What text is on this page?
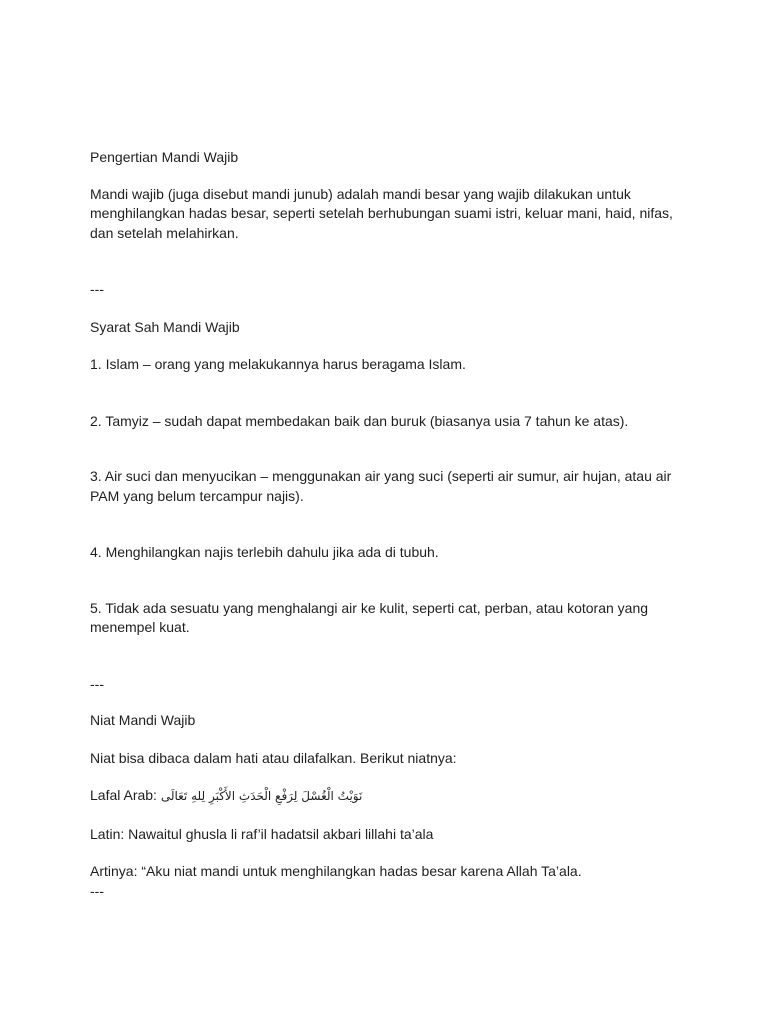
Pengertian Mandi Wajib

Mandi wajib (juga disebut mandi junub) adalah mandi besar yang wajib dilakukan untuk menghilangkan hadas besar, seperti setelah berhubungan suami istri, keluar mani, haid, nifas, dan setelah melahirkan.

---

Syarat Sah Mandi Wajib

1. Islam – orang yang melakukannya harus beragama Islam.

2. Tamyiz – sudah dapat membedakan baik dan buruk (biasanya usia 7 tahun ke atas).

3. Air suci dan menyucikan – menggunakan air yang suci (seperti air sumur, air hujan, atau air PAM yang belum tercampur najis).

4. Menghilangkan najis terlebih dahulu jika ada di tubuh.

5. Tidak ada sesuatu yang menghalangi air ke kulit, seperti cat, perban, atau kotoran yang menempel kuat.

---

Niat Mandi Wajib

Niat bisa dibaca dalam hati atau dilafalkan. Berikut niatnya:

Lafal Arab: نَوَيْتُ الْغُسْلَ لِرَفْعِ الْحَدَثِ الأَكْبَرِ لِلهِ تَعَالَى

Latin: Nawaitul ghusla li raf’il hadatsil akbari lillahi ta’ala

Artinya: “Aku niat mandi untuk menghilangkan hadas besar karena Allah Ta’ala.

---
